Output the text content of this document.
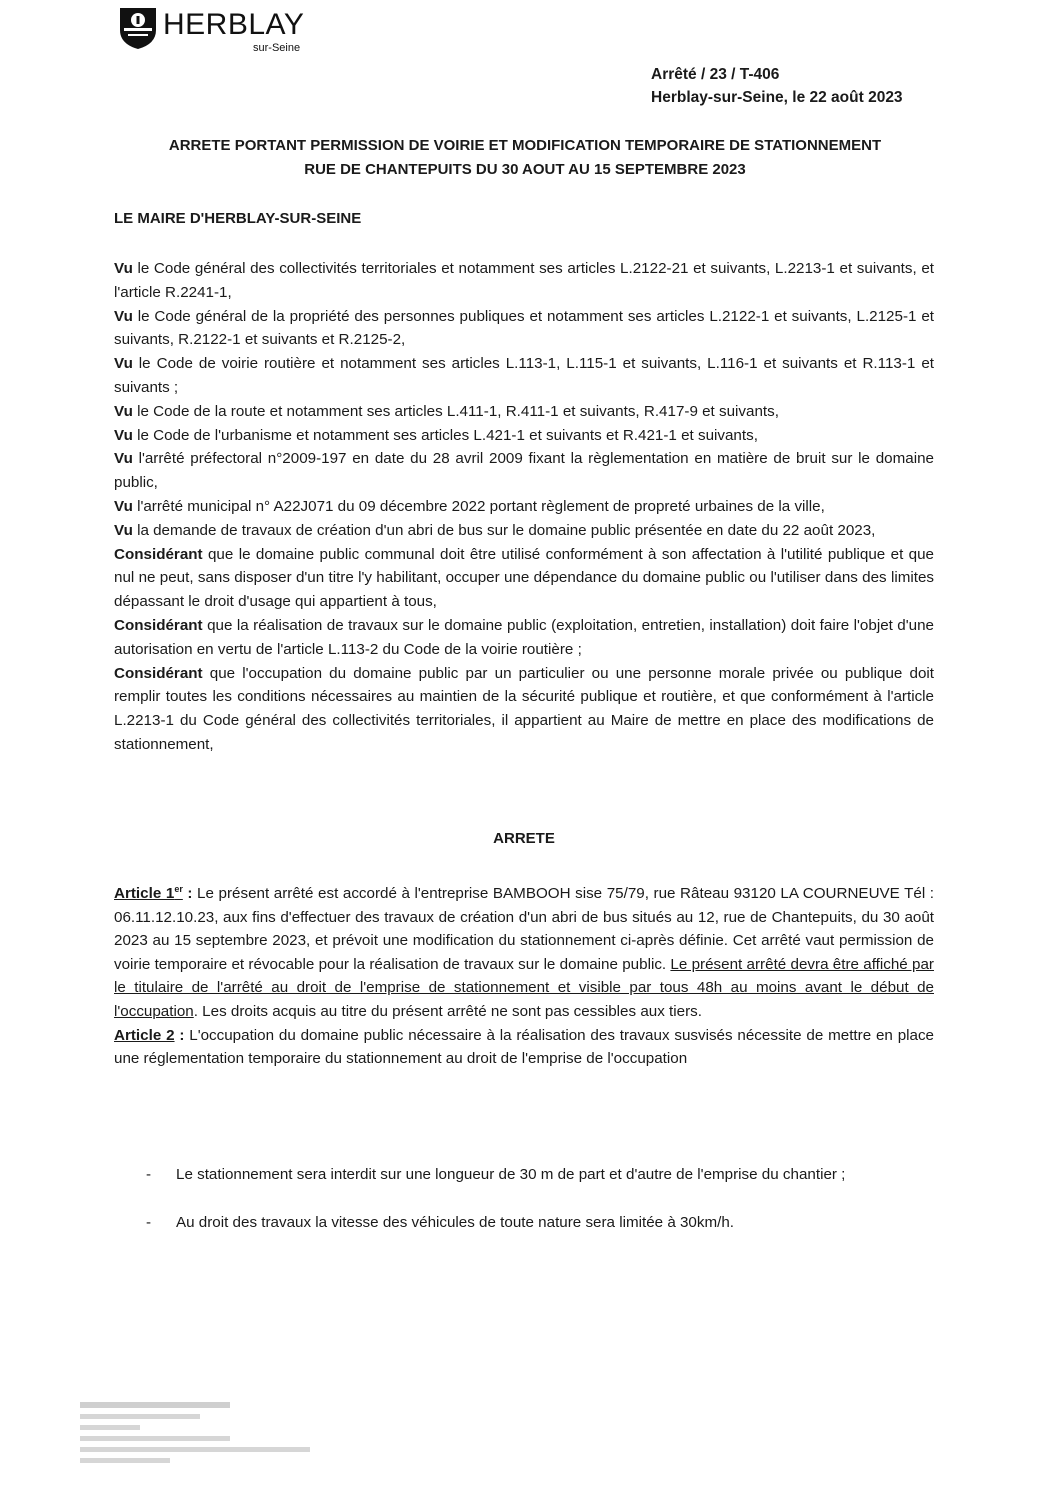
HERBLAY
sur-Seine
Arrêté / 23 / T-406
Herblay-sur-Seine, le 22 août 2023
ARRETE PORTANT PERMISSION DE VOIRIE ET MODIFICATION TEMPORAIRE DE STATIONNEMENT
RUE DE CHANTEPUITS DU 30 AOUT AU 15 SEPTEMBRE 2023
LE MAIRE D'HERBLAY-SUR-SEINE

Vu le Code général des collectivités territoriales et notamment ses articles L.2122-21 et suivants, L.2213-1 et suivants, et l'article R.2241-1,

Vu le Code général de la propriété des personnes publiques et notamment ses articles L.2122-1 et suivants, L.2125-1 et suivants, R.2122-1 et suivants et R.2125-2,

Vu le Code de voirie routière et notamment ses articles L.113-1, L.115-1 et suivants, L.116-1 et suivants et R.113-1 et suivants ;

Vu le Code de la route et notamment ses articles L.411-1, R.411-1 et suivants, R.417-9 et suivants,

Vu le Code de l'urbanisme et notamment ses articles L.421-1 et suivants et R.421-1 et suivants,

Vu l'arrêté préfectoral n°2009-197 en date du 28 avril 2009 fixant la règlementation en matière de bruit sur le domaine public,

Vu l'arrêté municipal n° A22J071 du 09 décembre 2022 portant règlement de propreté urbaines de la ville,

Vu la demande de travaux de création d'un abri de bus sur le domaine public présentée en date du 22 août 2023,

Considérant que le domaine public communal doit être utilisé conformément à son affectation à l'utilité publique et que nul ne peut, sans disposer d'un titre l'y habilitant, occuper une dépendance du domaine public ou l'utiliser dans des limites dépassant le droit d'usage qui appartient à tous,

Considérant que la réalisation de travaux sur le domaine public (exploitation, entretien, installation) doit faire l'objet d'une autorisation en vertu de l'article L.113-2 du Code de la voirie routière ;

Considérant que l'occupation du domaine public par un particulier ou une personne morale privée ou publique doit remplir toutes les conditions nécessaires au maintien de la sécurité publique et routière, et que conformément à l'article L.2213-1 du Code général des collectivités territoriales, il appartient au Maire de mettre en place des modifications de stationnement,

ARRETE

Article 1er : Le présent arrêté est accordé à l'entreprise BAMBOOH sise 75/79, rue Râteau 93120 LA COURNEUVE Tél : 06.11.12.10.23, aux fins d'effectuer des travaux de création d'un abri de bus situés au 12, rue de Chantepuits, du 30 août 2023 au 15 septembre 2023, et prévoit une modification du stationnement ci-après définie. Cet arrêté vaut permission de voirie temporaire et révocable pour la réalisation de travaux sur le domaine public. Le présent arrêté devra être affiché par le titulaire de l'arrêté au droit de l'emprise de stationnement et visible par tous 48h au moins avant le début de l'occupation. Les droits acquis au titre du présent arrêté ne sont pas cessibles aux tiers.

Article 2 : L'occupation du domaine public nécessaire à la réalisation des travaux susvisés nécessite de mettre en place une réglementation temporaire du stationnement au droit de l'emprise de l'occupation

- Le stationnement sera interdit sur une longueur de 30 m de part et d'autre de l'emprise du chantier ;
- Au droit des travaux la vitesse des véhicules de toute nature sera limitée à 30km/h.
